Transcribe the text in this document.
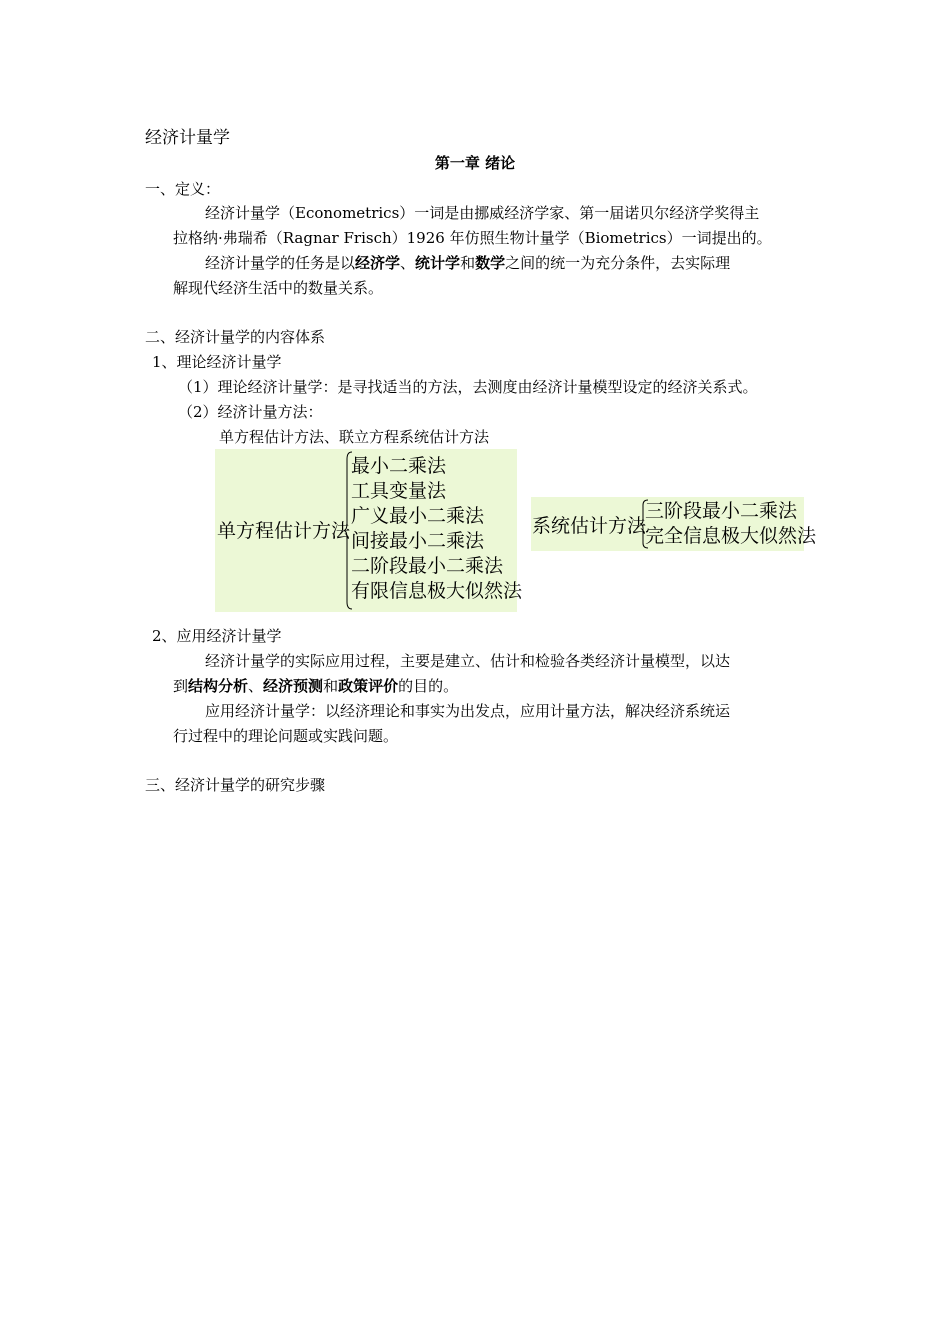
经济计量学
第一章 绪论
一、定义：
经济计量学（Econometrics）一词是由挪威经济学家、第一届诺贝尔经济学奖得主
拉格纳·弗瑞希（Ragnar Frisch）1926 年仿照生物计量学（Biometrics）一词提出的。
经济计量学的任务是以经济学、统计学和数学之间的统一为充分条件，去实际理
解现代经济生活中的数量关系。
二、经济计量学的内容体系
1、理论经济计量学
（1）理论经济计量学：是寻找适当的方法，去测度由经济计量模型设定的经济关系式。
（2）经济计量方法：
单方程估计方法、联立方程系统估计方法
单方程估计方法
最小二乘法
工具变量法
广义最小二乘法
间接最小二乘法
二阶段最小二乘法
有限信息极大似然法
系统估计方法
三阶段最小二乘法
完全信息极大似然法
2、应用经济计量学
经济计量学的实际应用过程，主要是建立、估计和检验各类经济计量模型，以达
到结构分析、经济预测和政策评价的目的。
应用经济计量学：以经济理论和事实为出发点，应用计量方法，解决经济系统运
行过程中的理论问题或实践问题。
三、经济计量学的研究步骤
